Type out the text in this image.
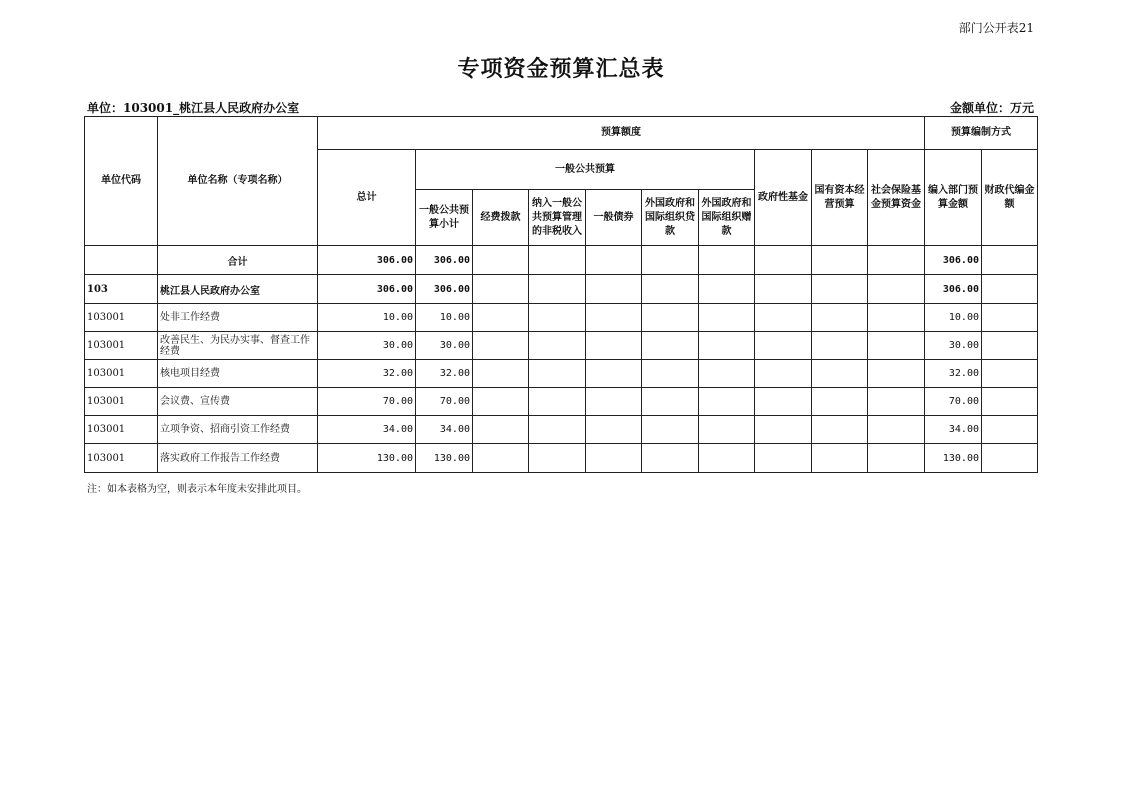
部门公开表21
专项资金预算汇总表
单位：103001_桃江县人民政府办公室	金额单位：万元
单位代码	单位名称（专项名称）	预算额度										预算编制方式	
		总计	一般公共预算						政府性基金	国有资本经营预算	社会保险基金预算资金	编入部门预算金额	财政代编金额
			一般公共预算小计	经费拨款	纳入一般公共预算管理的非税收入	一般债券	外国政府和国际组织贷款	外国政府和国际组织赠款					
	合计	306.00	306.00									306.00	
103	桃江县人民政府办公室	306.00	306.00									306.00	
103001	处非工作经费	10.00	10.00									10.00	
103001	改善民生、为民办实事、督查工作经费	30.00	30.00									30.00	
103001	核电项目经费	32.00	32.00									32.00	
103001	会议费、宣传费	70.00	70.00									70.00	
103001	立项争资、招商引资工作经费	34.00	34.00									34.00	
103001	落实政府工作报告工作经费	130.00	130.00									130.00	
注：如本表格为空，则表示本年度未安排此项目。
